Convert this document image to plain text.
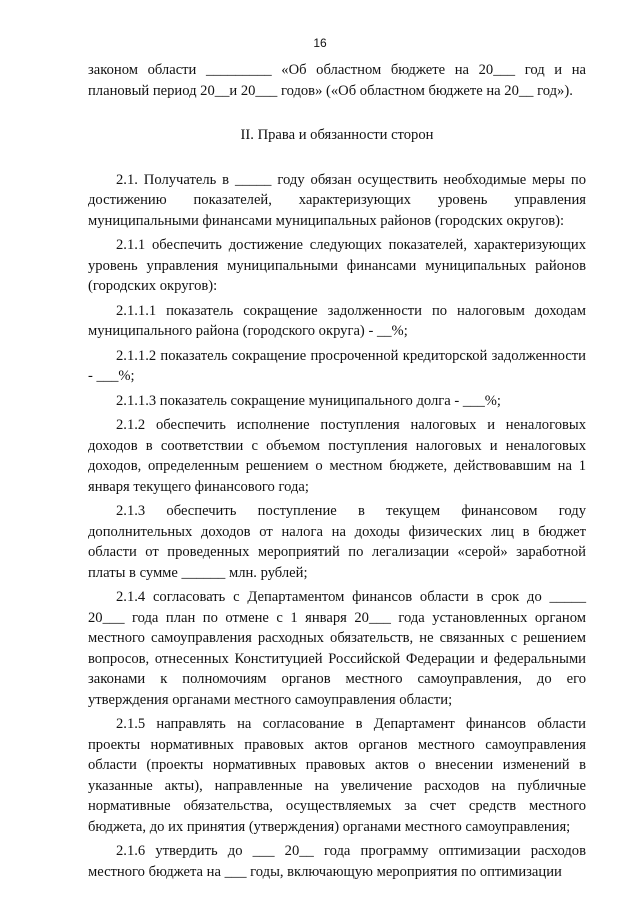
16

законом области _________ «Об областном бюджете на 20___ год и на плановый период 20__и 20___ годов» («Об областном бюджете на 20__ год»).

II. Права и обязанности сторон

2.1. Получатель в _____ году обязан осуществить необходимые меры по достижению показателей, характеризующих уровень управления муниципальными финансами муниципальных районов (городских округов):

2.1.1 обеспечить достижение следующих показателей, характеризующих уровень управления муниципальными финансами муниципальных районов (городских округов):

2.1.1.1 показатель сокращение задолженности по налоговым доходам муниципального района (городского округа) - __%;

2.1.1.2 показатель сокращение просроченной кредиторской задолженности - ___%;

2.1.1.3 показатель сокращение муниципального долга - ___%;

2.1.2 обеспечить исполнение поступления налоговых и неналоговых доходов в соответствии с объемом поступления налоговых и неналоговых доходов, определенным решением о местном бюджете, действовавшим на 1 января текущего финансового года;

2.1.3 обеспечить поступление в текущем финансовом году дополнительных доходов от налога на доходы физических лиц в бюджет области от проведенных мероприятий по легализации «серой» заработной платы в сумме ______ млн. рублей;

2.1.4 согласовать с Департаментом финансов области в срок до _____ 20___ года план по отмене с 1 января 20___ года установленных органом местного самоуправления расходных обязательств, не связанных с решением вопросов, отнесенных Конституцией Российской Федерации и федеральными законами к полномочиям органов местного самоуправления, до его утверждения органами местного самоуправления области;

2.1.5 направлять на согласование в Департамент финансов области проекты нормативных правовых актов органов местного самоуправления области (проекты нормативных правовых актов о внесении изменений в указанные акты), направленные на увеличение расходов на публичные нормативные обязательства, осуществляемых за счет средств местного бюджета, до их принятия (утверждения) органами местного самоуправления;

2.1.6 утвердить до ___ 20__ года программу оптимизации расходов местного бюджета на ___ годы, включающую мероприятия по оптимизации
